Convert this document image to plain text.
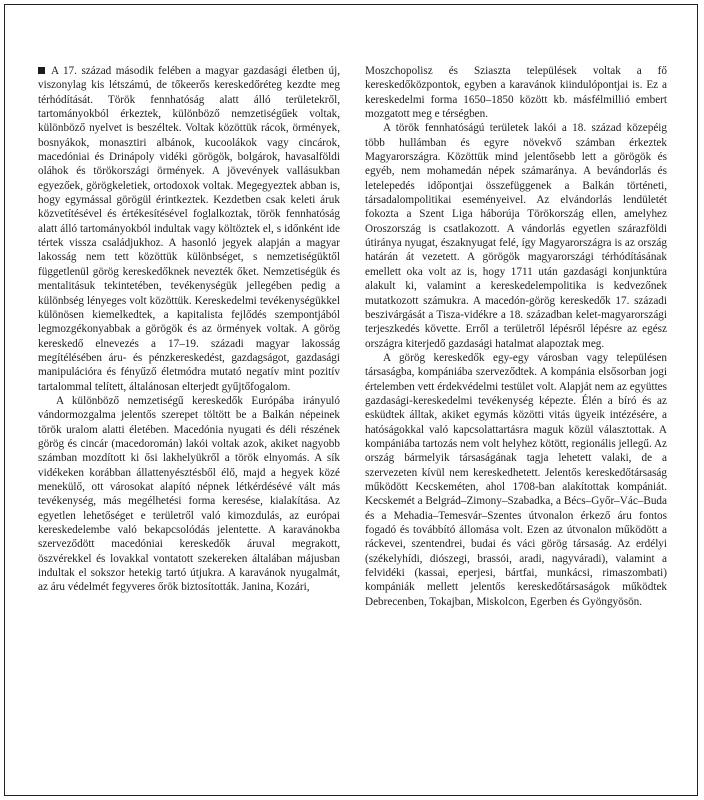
A 17. század második felében a magyar gazdasági életben új, viszonylag kis létszámú, de tőkeerős kereskedőréteg kezdte meg térhódítását. Török fennhatóság alatt álló területekről, tartományokból érkeztek, különböző nemzetiségűek voltak, különböző nyelvet is beszéltek. Voltak közöttük rácok, örmények, bosnyákok, monasztiri albánok, kucoolákok vagy cincárok, macedóniai és Drinápoly vidéki görögök, bolgárok, havasalföldi oláhok és törökországi örmények. A jövevények vallásukban egyezőek, görögkeletiek, ortodoxok voltak. Megegyeztek abban is, hogy egymással görögül érintkeztek. Kezdetben csak keleti áruk közvetítésével és értékesítésével foglalkoztak, török fennhatóság alatt álló tartományokból indultak vagy költöztek el, s időnként ide tértek vissza családjukhoz. A hasonló jegyek alapján a magyar lakosság nem tett közöttük különbséget, s nemzetiségüktől függetlenül görög kereskedőknek nevezték őket. Nemzetiségük és mentalitásuk tekintetében, tevékenységük jellegében pedig a különbség lényeges volt közöttük. Kereskedelmi tevékenységükkel különösen kiemelkedtek, a kapitalista fejlődés szempontjából legmozgékonyabbak a görögök és az örmények voltak. A görög kereskedő elnevezés a 17–19. századi magyar lakosság megítélésében áru- és pénzkereskedést, gazdagságot, gazdasági manipulációra és fényűző életmódra mutató negatív mint pozitív tartalommal telített, általánosan elterjedt gyűjtőfogalom.

A különböző nemzetiségű kereskedők Európába irányuló vándormozgalma jelentős szerepet töltött be a Balkán népeinek török uralom alatti életében. Macedónia nyugati és déli részének görög és cincár (macedoromán) lakói voltak azok, akiket nagyobb számban mozdított ki ősi lakhelyükről a török elnyomás. A sík vidékeken korábban állattenyésztésből élő, majd a hegyek közé menekülő, ott városokat alapító népnek létkérdésévé vált más tevékenység, más megélhetési forma keresése, kialakítása. Az egyetlen lehetőséget e területről való kimozdulás, az európai kereskedelembe való bekapcsolódás jelentette. A karavánokba szerveződött macedóniai kereskedők áruval megrakott, öszvérekkel és lovakkal vontatott szekereken általában májusban indultak el sokszor hetekig tartó útjukra. A karavánok nyugalmát, az áru védelmét fegyveres őrök biztosították. Janina, Kozári,

Moszchopolisz és Sziaszta települések voltak a fő kereskedőközpontok, egyben a karavánok kiindulópontjai is. Ez a kereskedelmi forma 1650–1850 között kb. másfélmillió embert mozgatott meg e térségben.

A török fennhatóságú területek lakói a 18. század közepéig több hullámban és egyre növekvő számban érkeztek Magyarországra. Közöttük mind jelentősebb lett a görögök és egyéb, nem mohamedán népek számaránya. A bevándorlás és letelepedés időpontjai összefüggenek a Balkán történeti, társadalompolitikai eseményeivel. Az elvándorlás lendületét fokozta a Szent Liga háborúja Törökország ellen, amelyhez Oroszország is csatlakozott. A vándorlás egyetlen szárazföldi útiránya nyugat, északnyugat felé, így Magyarországra is az ország határán át vezetett. A görögök magyarországi térhódításának emellett oka volt az is, hogy 1711 után gazdasági konjunktúra alakult ki, valamint a kereskedelempolitika is kedvezőnek mutatkozott számukra. A macedón-görög kereskedők 17. századi beszivárgását a Tisza-vidékre a 18. században kelet-magyarországi terjeszkedés követte. Erről a területről lépésről lépésre az egész országra kiterjedő gazdasági hatalmat alapoztak meg.

A görög kereskedők egy-egy városban vagy településen társaságba, kompániába szerveződtek. A kompánia elsősorban jogi értelemben vett érdekvédelmi testület volt. Alapját nem az együttes gazdasági-kereskedelmi tevékenység képezte. Élén a bíró és az esküdtek álltak, akiket egymás közötti vitás ügyeik intézésére, a hatóságokkal való kapcsolattartásra maguk közül választottak. A kompániába tartozás nem volt helyhez kötött, regionális jellegű. Az ország bármelyik társaságának tagja lehetett valaki, de a szervezeten kívül nem kereskedhetett. Jelentős kereskedőtársaság működött Kecskeméten, ahol 1708-ban alakítottak kompániát. Kecskemét a Belgrád–Zimony–Szabadka, a Bécs–Győr–Vác–Buda és a Mehadia–Temesvár–Szentes útvonalon érkező áru fontos fogadó és továbbító állomása volt. Ezen az útvonalon működött a ráckevei, szentendrei, budai és váci görög társaság. Az erdélyi (székelyhídi, diószegi, brassói, aradi, nagyváradi), valamint a felvidéki (kassai, eperjesi, bártfai, munkácsi, rimaszombati) kompániák mellett jelentős kereskedőtársaságok működtek Debrecenben, Tokajban, Miskolcon, Egerben és Gyöngyösön.
